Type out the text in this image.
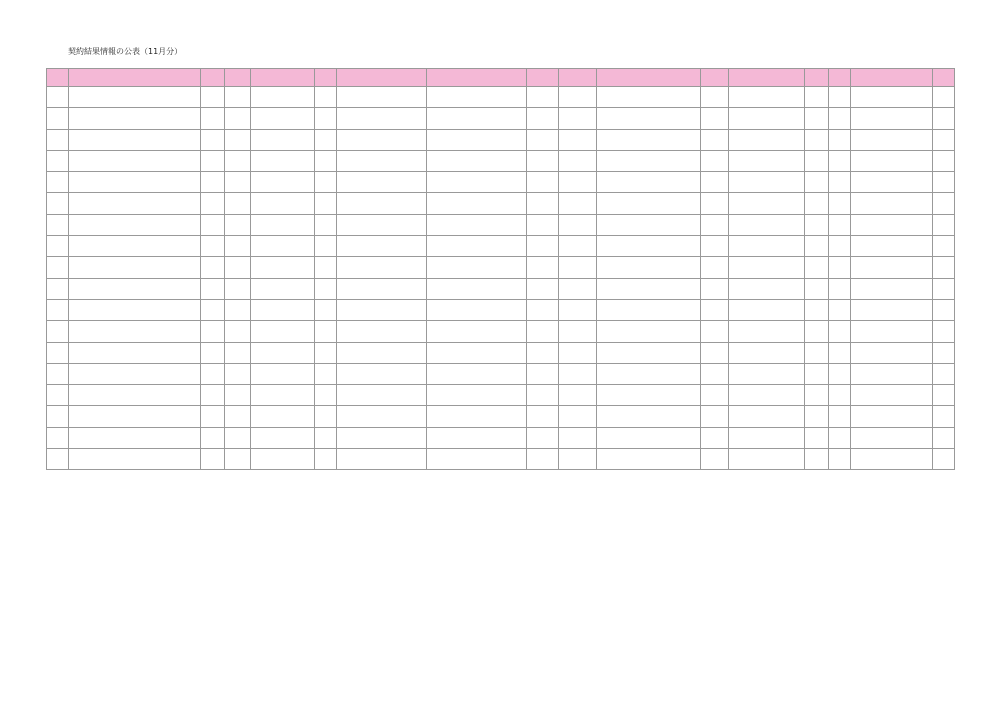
契約結果情報の公表（11月分）
